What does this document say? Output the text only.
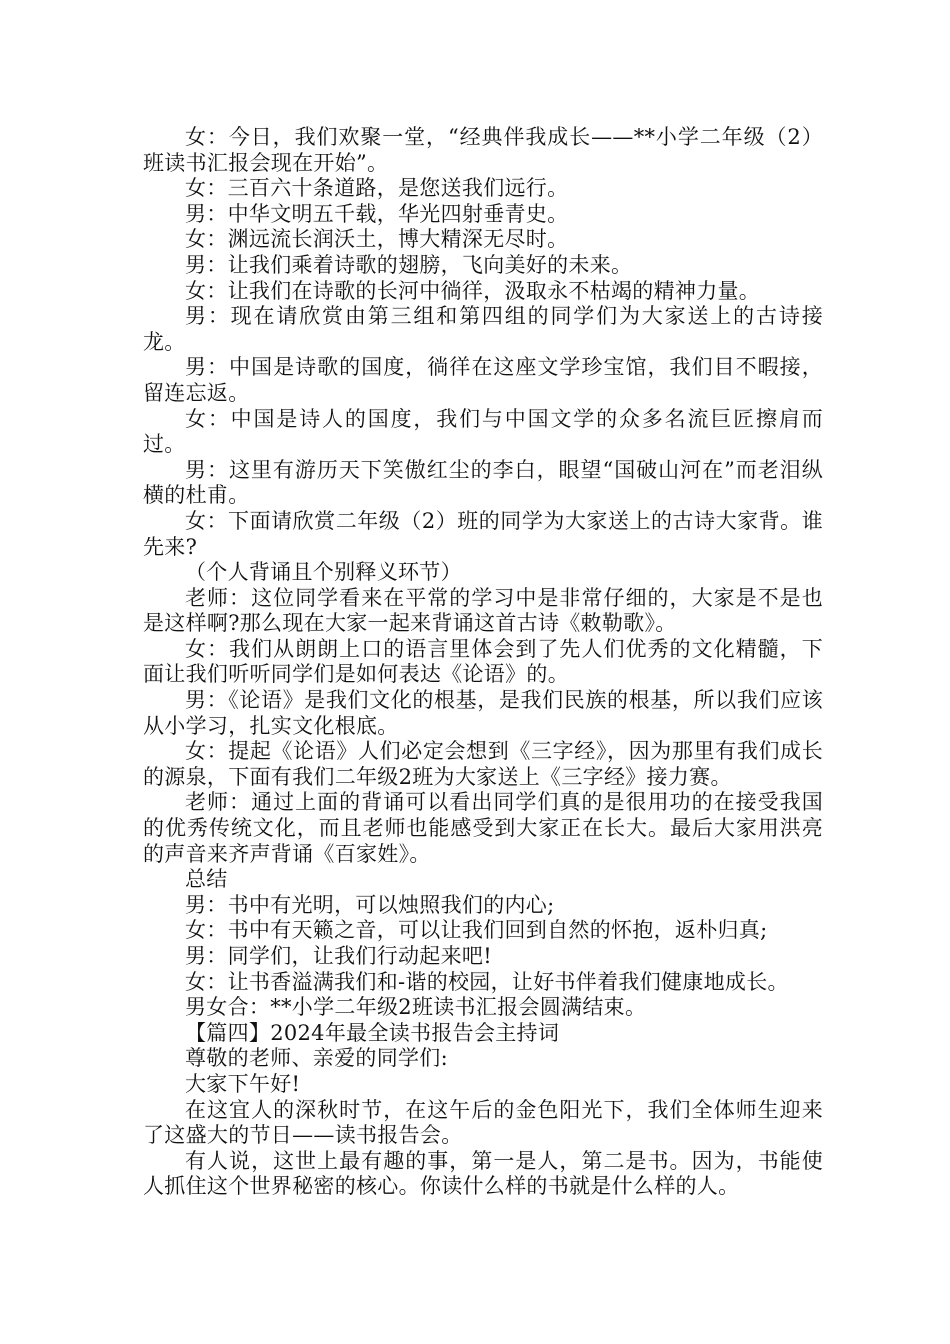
女：今日，我们欢聚一堂，“经典伴我成长——**小学二年级（2）班读书汇报会现在开始”。

女：三百六十条道路，是您送我们远行。

男：中华文明五千载，华光四射垂青史。

女：渊远流长润沃土，博大精深无尽时。

男：让我们乘着诗歌的翅膀，飞向美好的未来。

女：让我们在诗歌的长河中徜徉，汲取永不枯竭的精神力量。

男：现在请欣赏由第三组和第四组的同学们为大家送上的古诗接龙。

男：中国是诗歌的国度，徜徉在这座文学珍宝馆，我们目不暇接，留连忘返。

女：中国是诗人的国度，我们与中国文学的众多名流巨匠擦肩而过。

男：这里有游历天下笑傲红尘的李白，眼望“国破山河在”而老泪纵横的杜甫。

女：下面请欣赏二年级（2）班的同学为大家送上的古诗大家背。谁先来?

（个人背诵且个别释义环节）

老师：这位同学看来在平常的学习中是非常仔细的，大家是不是也是这样啊?那么现在大家一起来背诵这首古诗《敕勒歌》。

女：我们从朗朗上口的语言里体会到了先人们优秀的文化精髓，下面让我们听听同学们是如何表达《论语》的。

男：《论语》是我们文化的根基，是我们民族的根基，所以我们应该从小学习，扎实文化根底。

女：提起《论语》人们必定会想到《三字经》，因为那里有我们成长的源泉，下面有我们二年级2班为大家送上《三字经》接力赛。

老师：通过上面的背诵可以看出同学们真的是很用功的在接受我国的优秀传统文化，而且老师也能感受到大家正在长大。最后大家用洪亮的声音来齐声背诵《百家姓》。

总结

男：书中有光明，可以烛照我们的内心;

女：书中有天籁之音，可以让我们回到自然的怀抱，返朴归真;

男：同学们，让我们行动起来吧!

女：让书香溢满我们和-谐的校园，让好书伴着我们健康地成长。

男女合：**小学二年级2班读书汇报会圆满结束。

【篇四】2024年最全读书报告会主持词

尊敬的老师、亲爱的同学们:

大家下午好!

在这宜人的深秋时节，在这午后的金色阳光下，我们全体师生迎来了这盛大的节日——读书报告会。

有人说，这世上最有趣的事，第一是人，第二是书。因为，书能使人抓住这个世界秘密的核心。你读什么样的书就是什么样的人。
